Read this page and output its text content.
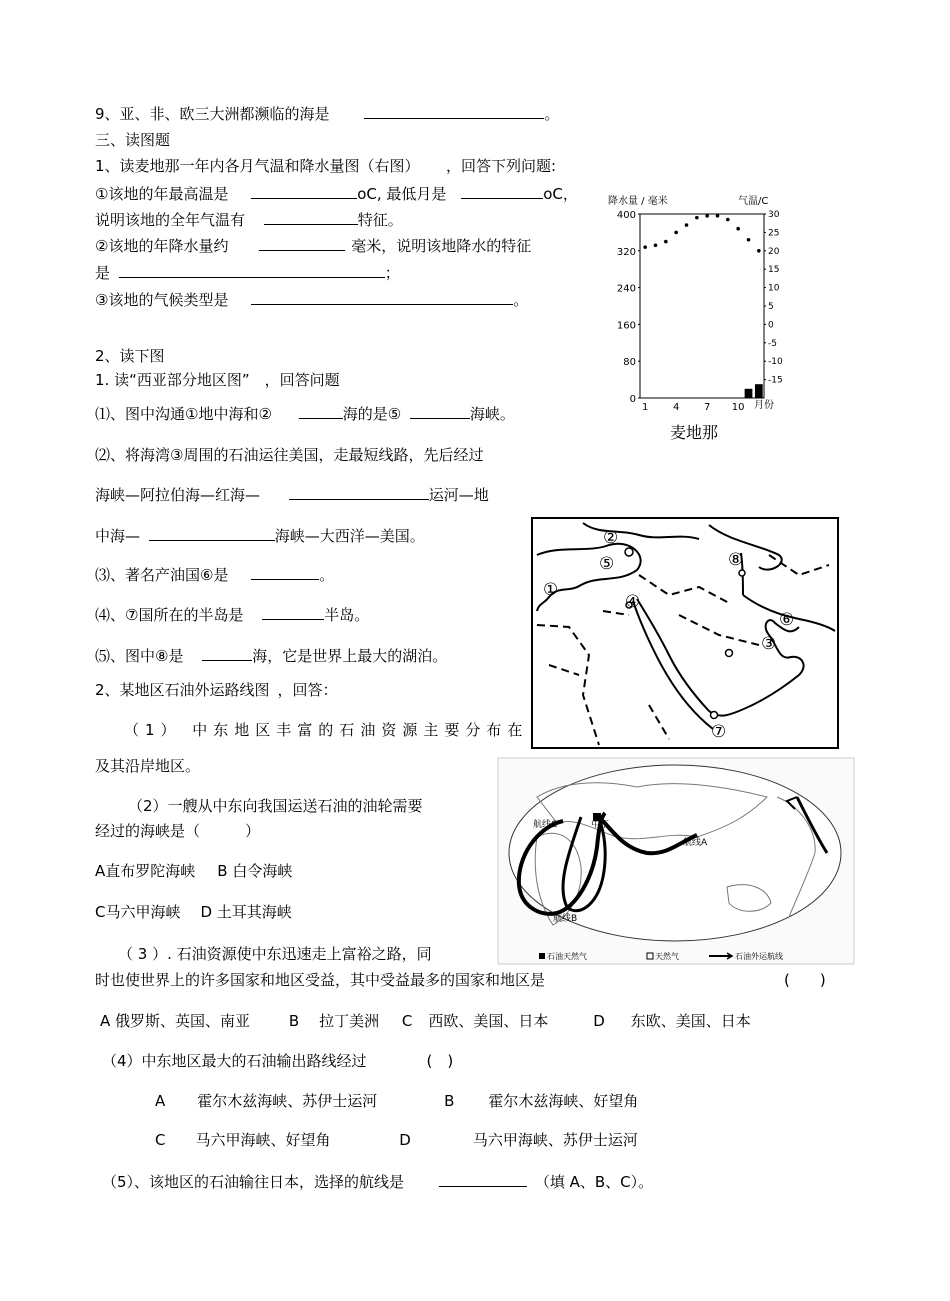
9、亚、非、欧三大洲都濒临的海是	。
三、读图题
1、读麦地那一年内各月气温和降水量图（右图） ，回答下列问题:
①该地的年最高温是	oC, 最低月是	oC，
说明该地的全年气温有	特征。
②该地的年降水量约	毫米，说明该地降水的特征
是	；
③该地的气候类型是	。
降水量 / 毫米	气温/C
400
320
240
160
80
0
30
25
20
15
10
5
0
-5
-10
-15
1 4 7 10 月份
麦地那
2、读下图
1. 读“西亚部分地区图”　，回答问题
⑴、图中沟通①地中海和②	海的是⑤	海峡。
⑵、将海湾③周围的石油运往美国，走最短线路，先后经过
海峡—阿拉伯海—红海—	运河—地
中海—	海峡—大西洋—美国。
⑶、著名产油国⑥是	。
⑷、⑦国所在的半岛是	半岛。
⑸、图中⑧是	海，它是世界上最大的湖泊。
①
②
③
④
⑤
⑥
⑦
⑧
2、某地区石油外运路线图 ，回答：
（1） 中东地区丰富的石油资源主要分布在
及其沿岸地区。
（2）一艘从中东向我国运送石油的油轮需要
经过的海峡是（　　　）
A直布罗陀海峡 B 白令海峡
C马六甲海峡 D 土耳其海峡
（ 3 ）. 石油资源使中东迅速走上富裕之路，同
时也使世界上的许多国家和地区受益，其中受益最多的国家和地区是	(　　)
A 俄罗斯、英国、南亚	B 拉丁美洲 C 西欧、美国、日本	D 东欧、美国、日本
（4）中东地区最大的石油输出路线经过	(　)
A 霍尔木兹海峡、苏伊士运河	B 霍尔木兹海峡、好望角
C 马六甲海峡、好望角	D	马六甲海峡、苏伊士运河
（5）、该地区的石油输往日本，选择的航线是	（填 A、B、C）。
航线C	中东
航线A
航线B
石油天然气	天然气	石油外运航线
